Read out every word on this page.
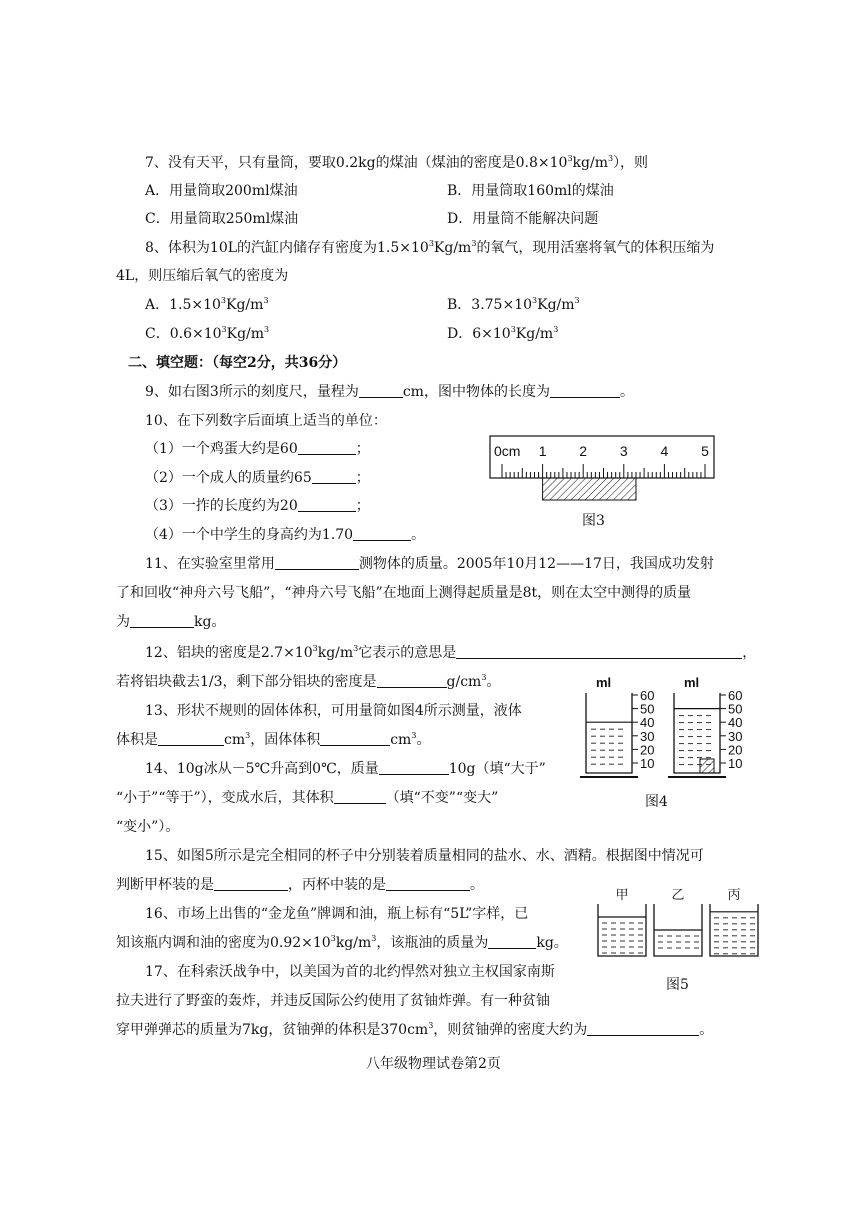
7、没有天平，只有量筒，要取0.2kg的煤油（煤油的密度是$0.8\times 10^3kg/m^3$），则
A．用量筒取200ml煤油	B．用量筒取160ml的煤油
C．用量筒取250ml煤油	D．用量筒不能解决问题
8、体积为10L的汽缸内储存有密度为$1.5\times 10^3Kg/m^3$的氧气，现用活塞将氧气的体积压缩为
4L，则压缩后氧气的密度为
A．$1.5\times 10^3Kg/m^3$	B．$3.75\times 10^3Kg/m^3$
C．$0.6\times 10^3Kg/m^3$	D．$6\times 10^3Kg/m^3$
二、填空题：（每空2分，共36分）
9、如右图3所示的刻度尺，量程为	cm，图中物体的长度为	。
10、在下列数字后面填上适当的单位：
（1）一个鸡蛋大约是60	；
（2）一个成人的质量约65	；
（3）一拃的长度约为20	；
（4）一个中学生的身高约为1.70	。
0cm 1 2 3 4 5
图3
11、在实验室里常用	测物体的质量。2005年10月12——17日，我国成功发射
了和回收“神舟六号飞船”，“神舟六号飞船”在地面上测得起质量是8t，则在太空中测得的质量
为	kg。
12、铝块的密度是$2.7\times 10^3kg/m^3$它表示的意思是	，
若将铝块截去1/3，剩下部分铝块的密度是	$g/cm^3$。
13、形状不规则的固体体积，可用量筒如图4所示测量，液体
体积是	$cm^3$，固体体积	$cm^3$。
ml
60
50
40
30
20
10
ml
60
50
40
30
20
10
图4
14、10g冰从－5℃升高到0℃，质量	10g（填“大于”
“小于”“等于”），变成水后，其体积	（填“不变”“变大”
“变小”）。
15、如图5所示是完全相同的杯子中分别装着质量相同的盐水、水、酒精。根据图中情况可
判断甲杯装的是	，丙杯中装的是	。
甲	乙	丙
图5
16、市场上出售的“金龙鱼”牌调和油，瓶上标有“5L”字样，已
知该瓶内调和油的密度为$0.92\times 10^3kg/m^3$，该瓶油的质量为	kg。
17、在科索沃战争中，以美国为首的北约悍然对独立主权国家南斯
拉夫进行了野蛮的轰炸，并违反国际公约使用了贫铀炸弹。有一种贫铀
穿甲弹弹芯的质量为7kg，贫铀弹的体积是$370cm^3$，则贫铀弹的密度大约为	。
八年级物理试卷第2页
